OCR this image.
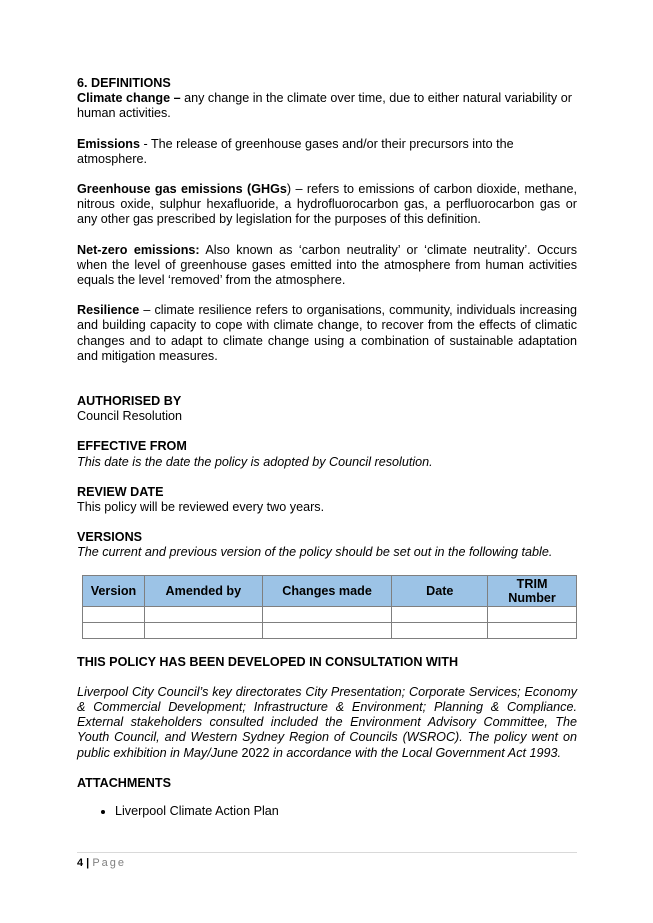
6. DEFINITIONS

Climate change – any change in the climate over time, due to either natural variability or human activities.

Emissions - The release of greenhouse gases and/or their precursors into the atmosphere.

Greenhouse gas emissions (GHGs) – refers to emissions of carbon dioxide, methane, nitrous oxide, sulphur hexafluoride, a hydrofluorocarbon gas, a perfluorocarbon gas or any other gas prescribed by legislation for the purposes of this definition.

Net-zero emissions: Also known as ‘carbon neutrality’ or ‘climate neutrality’. Occurs when the level of greenhouse gases emitted into the atmosphere from human activities equals the level ‘removed’ from the atmosphere.

Resilience – climate resilience refers to organisations, community, individuals increasing and building capacity to cope with climate change, to recover from the effects of climatic changes and to adapt to climate change using a combination of sustainable adaptation and mitigation measures.

AUTHORISED BY

Council Resolution

EFFECTIVE FROM

This date is the date the policy is adopted by Council resolution.

REVIEW DATE

This policy will be reviewed every two years.

VERSIONS

The current and previous version of the policy should be set out in the following table.

Version	Amended by	Changes made	Date	TRIM Number

THIS POLICY HAS BEEN DEVELOPED IN CONSULTATION WITH

Liverpool City Council’s key directorates City Presentation; Corporate Services; Economy & Commercial Development; Infrastructure & Environment; Planning & Compliance. External stakeholders consulted included the Environment Advisory Committee, The Youth Council, and Western Sydney Region of Councils (WSROC). The policy went on public exhibition in May/June 2022 in accordance with the Local Government Act 1993.

ATTACHMENTS

• Liverpool Climate Action Plan
4 | Page
